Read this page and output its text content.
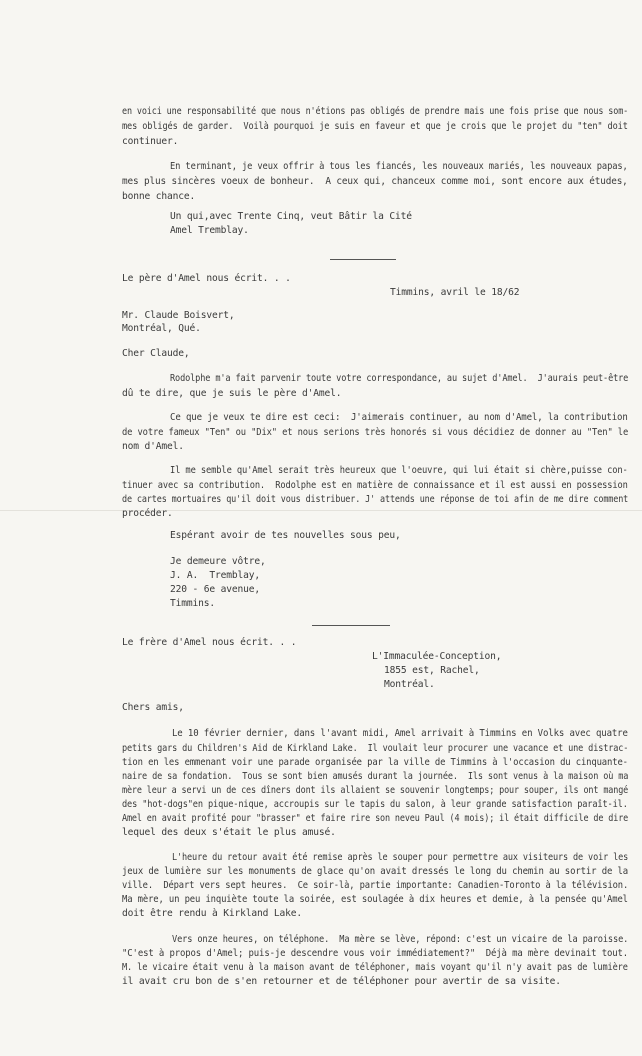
en voici une responsabilité que nous n'étions pas obligés de prendre mais une fois prise que nous som-
mes obligés de garder.  Voilà pourquoi je suis en faveur et que je crois que le projet du "ten" doit
continuer.
En terminant, je veux offrir à tous les fiancés, les nouveaux mariés, les nouveaux papas,
mes plus sincères voeux de bonheur.  A ceux qui, chanceux comme moi, sont encore aux études,
bonne chance.
Un qui,avec Trente Cinq, veut Bâtir la Cité
Amel Tremblay.
Le père d'Amel nous écrit. . .
Timmins, avril le 18/62
Mr. Claude Boisvert,
Montréal, Qué.
Cher Claude,
Rodolphe m'a fait parvenir toute votre correspondance, au sujet d'Amel.  J'aurais peut-être
dû te dire, que je suis le père d'Amel.
Ce que je veux te dire est ceci:  J'aimerais continuer, au nom d'Amel, la contribution
de votre fameux "Ten" ou "Dix" et nous serions très honorés si vous décidiez de donner au "Ten" le
nom d'Amel.
Il me semble qu'Amel serait très heureux que l'oeuvre, qui lui était si chère,puisse con-
tinuer avec sa contribution.  Rodolphe est en matière de connaissance et il est aussi en possession
de cartes mortuaires qu'il doit vous distribuer. J' attends une réponse de toi afin de me dire comment
procéder.
Espérant avoir de tes nouvelles sous peu,
Je demeure vôtre,
J. A.  Tremblay,
220 - 6e avenue,
Timmins.
Le frère d'Amel nous écrit. . .
L'Immaculée-Conception,
1855 est, Rachel,
Montréal.
Chers amis,
Le 10 février dernier, dans l'avant midi, Amel arrivait à Timmins en Volks avec quatre
petits gars du Children's Aid de Kirkland Lake.  Il voulait leur procurer une vacance et une distrac-
tion en les emmenant voir une parade organisée par la ville de Timmins à l'occasion du cinquante-
naire de sa fondation.  Tous se sont bien amusés durant la journée.  Ils sont venus à la maison où ma
mère leur a servi un de ces dîners dont ils allaient se souvenir longtemps; pour souper, ils ont mangé
des "hot-dogs"en pique-nique, accroupis sur le tapis du salon, à leur grande satisfaction paraît-il.
Amel en avait profité pour "brasser" et faire rire son neveu Paul (4 mois); il était difficile de dire
lequel des deux s'était le plus amusé.
L'heure du retour avait été remise après le souper pour permettre aux visiteurs de voir les
jeux de lumière sur les monuments de glace qu'on avait dressés le long du chemin au sortir de la
ville.  Départ vers sept heures.  Ce soir-là, partie importante: Canadien-Toronto à la télévision.
Ma mère, un peu inquiète toute la soirée, est soulagée à dix heures et demie, à la pensée qu'Amel
doit être rendu à Kirkland Lake.
Vers onze heures, on téléphone.  Ma mère se lève, répond: c'est un vicaire de la paroisse.
"C'est à propos d'Amel; puis-je descendre vous voir immédiatement?"  Déjà ma mère devinait tout.
M. le vicaire était venu à la maison avant de téléphoner, mais voyant qu'il n'y avait pas de lumière
il avait cru bon de s'en retourner et de téléphoner pour avertir de sa visite.
